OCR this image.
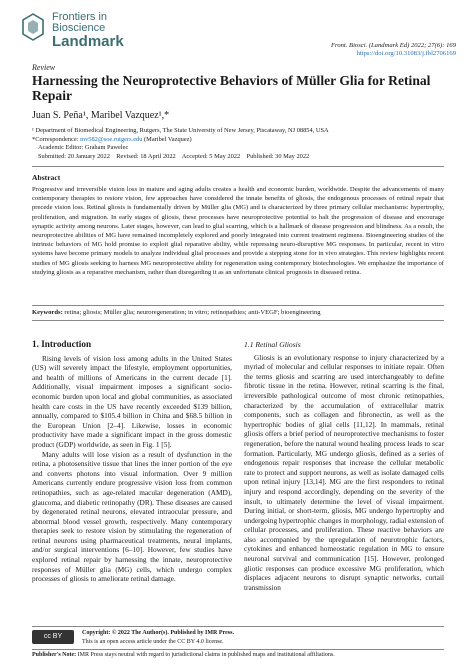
Frontiers in
Bioscience
Landmark	Front. Biosci. (Landmark Ed) 2022; 27(6): 169
https://doi.org/10.31083/j.fbl2706169
Review
Harnessing the Neuroprotective Behaviors of Müller Glia for Retinal Repair
Juan S. Peña¹, Maribel Vazquez¹,*
¹ Department of Biomedical Engineering, Rutgers, The State University of New Jersey, Piscataway, NJ 08854, USA
*Correspondence: mv582@soe.rutgers.edu (Maribel Vazquez)
Academic Editor: Graham Pawelec
Submitted: 20 January 2022    Revised: 18 April 2022    Accepted: 5 May 2022    Published: 30 May 2022
Abstract
Progressive and irreversible vision loss in mature and aging adults creates a health and economic burden, worldwide. Despite the advancements of many contemporary therapies to restore vision, few approaches have considered the innate benefits of gliosis, the endogenous processes of retinal repair that precede vision loss. Retinal gliosis is fundamentally driven by Müller glia (MG) and is characterized by three primary cellular mechanisms: hypertrophy, proliferation, and migration. In early stages of gliosis, these processes have neuroprotective potential to halt the progression of disease and encourage synaptic activity among neurons. Later stages, however, can lead to glial scarring, which is a hallmark of disease progression and blindness. As a result, the neuroprotective abilities of MG have remained incompletely explored and poorly integrated into current treatment regimens. Bioengineering studies of the intrinsic behaviors of MG hold promise to exploit glial reparative ability, while repressing neuro-disruptive MG responses. In particular, recent in vitro systems have become primary models to analyze individual glial processes and provide a stepping stone for in vivo strategies. This review highlights recent studies of MG gliosis seeking to harness MG neuroprotective ability for regeneration using contemporary biotechnologies. We emphasize the importance of studying gliosis as a reparative mechanism, rather than disregarding it as an unfortunate clinical prognosis in diseased retina.
Keywords: retina; gliosis; Müller glia; neuroregeneration; in vitro; retinopathies; anti-VEGF; bioengineering
1. Introduction

Rising levels of vision loss among adults in the United States (US) will severely impact the lifestyle, employment opportunities, and health of millions of Americans in the current decade [1]. Additionally, visual impairment imposes a significant socio-economic burden upon local and global communities, as associated health care costs in the US have recently exceeded $139 billion, annually, compared to $105.4 billion in China and $68.5 billion in the European Union [2–4]. Likewise, losses in economic productivity have made a significant impact in the gross domestic product (GDP) worldwide, as seen in Fig. 1 [5].

Many adults will lose vision as a result of dysfunction in the retina, a photosensitive tissue that lines the inner portion of the eye and converts photons into visual information. Over 9 million Americans currently endure progressive vision loss from common retinopathies, such as age-related macular degeneration (AMD), glaucoma, and diabetic retinopathy (DR). These diseases are caused by degenerated retinal neurons, elevated intraocular pressure, and abnormal blood vessel growth, respectively. Many contemporary therapies seek to restore vision by stimulating the regeneration of retinal neurons using pharmaceutical treatments, neural implants, and/or surgical interventions [6–10]. However, few studies have explored retinal repair by harnessing the innate, neuroprotective responses of Müller glia (MG) cells, which undergo complex processes of gliosis to ameliorate retinal damage.

1.1 Retinal Gliosis

Gliosis is an evolutionary response to injury characterized by a myriad of molecular and cellular responses to initiate repair. Often the terms gliosis and scarring are used interchangeably to define fibrotic tissue in the retina. However, retinal scarring is the final, irreversible pathological outcome of most chronic retinopathies, characterized by the accumulation of extracellular matrix components, such as collagen and fibronectin, as well as the hypertrophic bodies of glial cells [11,12]. In mammals, retinal gliosis offers a brief period of neuroprotective mechanisms to foster regeneration, before the natural wound healing process leads to scar formation. Particularly, MG undergo gliosis, defined as a series of endogenous repair responses that increase the cellular metabolic rate to protect and support neurons, as well as isolate damaged cells upon retinal injury [13,14]. MG are the first responders to retinal injury and respond accordingly, depending on the severity of the insult, to ultimately determine the level of visual impairment. During initial, or short-term, gliosis, MG undergo hypertrophy and undergoing hypertrophic changes in morphology, radial extension of cellular processes, and proliferation. These reactive behaviors are also accompanied by the upregulation of neurotrophic factors, cytokines and enhanced homeostatic regulation in MG to ensure neuronal survival and communication [15]. However, prolonged gliotic responses can produce excessive MG proliferation, which displaces adjacent neurons to disrupt synaptic networks, curtail transmission

cc BY	Copyright: © 2022 The Author(s). Published by IMR Press.
This is an open access article under the CC BY 4.0 license.
Publisher's Note: IMR Press stays neutral with regard to jurisdictional claims in published maps and institutional affiliations.
